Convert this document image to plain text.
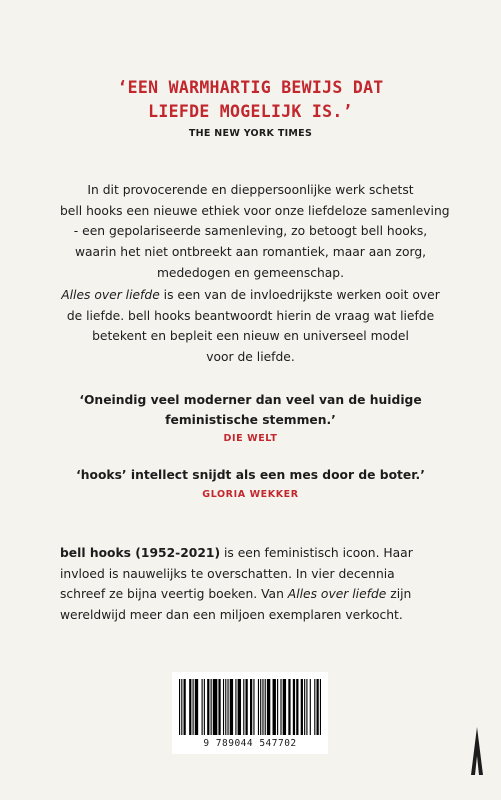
‘EEN WARMHARTIG BEWIJS DAT
LIEFDE MOGELIJK IS.’
THE NEW YORK TIMES
In dit provocerende en dieppersoonlijke werk schetst
bell hooks een nieuwe ethiek voor onze liefdeloze samenleving
- een gepolariseerde samenleving, zo betoogt bell hooks,
waarin het niet ontbreekt aan romantiek, maar aan zorg,
mededogen en gemeenschap.
Alles over liefde is een van de invloedrijkste werken ooit over
de liefde. bell hooks beantwoordt hierin de vraag wat liefde
betekent en bepleit een nieuw en universeel model
voor de liefde.
‘Oneindig veel moderner dan veel van de huidige
feministische stemmen.’
DIE WELT
‘hooks’ intellect snijdt als een mes door de boter.’
GLORIA WEKKER
bell hooks (1952-2021) is een feministisch icoon. Haar
invloed is nauwelijks te overschatten. In vier decennia
schreef ze bijna veertig boeken. Van Alles over liefde zijn
wereldwijd meer dan een miljoen exemplaren verkocht.
9 789044 547702
